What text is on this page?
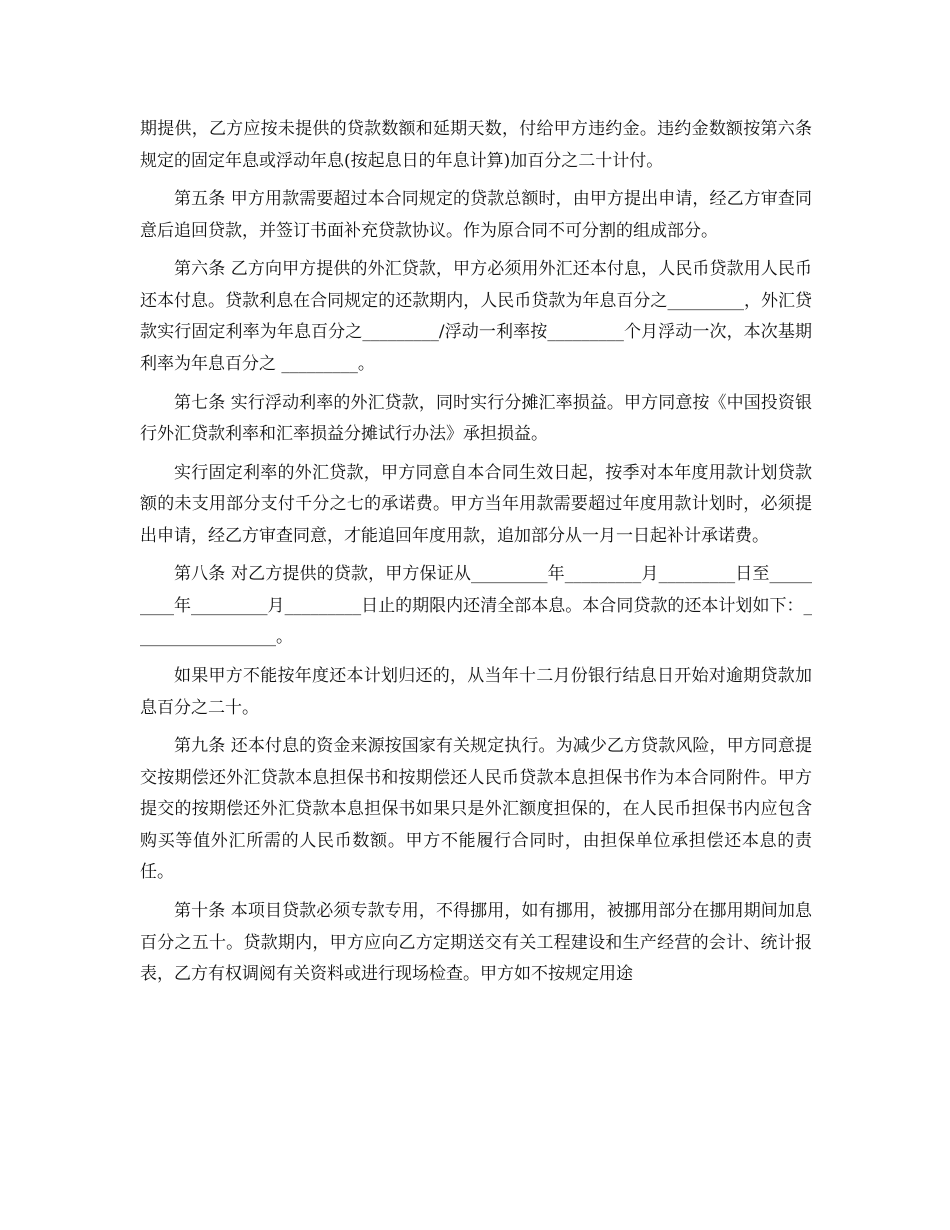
期提供，乙方应按未提供的贷款数额和延期天数，付给甲方违约金。违约金数额按第六条规定的固定年息或浮动年息(按起息日的年息计算)加百分之二十计付。

第五条 甲方用款需要超过本合同规定的贷款总额时，由甲方提出申请，经乙方审查同意后追回贷款，并签订书面补充贷款协议。作为原合同不可分割的组成部分。

第六条 乙方向甲方提供的外汇贷款，甲方必须用外汇还本付息，人民币贷款用人民币还本付息。贷款利息在合同规定的还款期内，人民币贷款为年息百分之_________，外汇贷款实行固定利率为年息百分之_________/浮动一利率按_________个月浮动一次，本次基期利率为年息百分之 _________。

第七条 实行浮动利率的外汇贷款，同时实行分摊汇率损益。甲方同意按《中国投资银行外汇贷款利率和汇率损益分摊试行办法》承担损益。

实行固定利率的外汇贷款，甲方同意自本合同生效日起，按季对本年度用款计划贷款额的未支用部分支付千分之七的承诺费。甲方当年用款需要超过年度用款计划时，必须提出申请，经乙方审查同意，才能追回年度用款，追加部分从一月一日起补计承诺费。

第八条 对乙方提供的贷款，甲方保证从_________年_________月_________日至_________年_________月_________日止的期限内还清全部本息。本合同贷款的还本计划如下：_________________。

如果甲方不能按年度还本计划归还的，从当年十二月份银行结息日开始对逾期贷款加息百分之二十。

第九条 还本付息的资金来源按国家有关规定执行。为减少乙方贷款风险，甲方同意提交按期偿还外汇贷款本息担保书和按期偿还人民币贷款本息担保书作为本合同附件。甲方提交的按期偿还外汇贷款本息担保书如果只是外汇额度担保的，在人民币担保书内应包含购买等值外汇所需的人民币数额。甲方不能履行合同时，由担保单位承担偿还本息的责任。

第十条 本项目贷款必须专款专用，不得挪用，如有挪用，被挪用部分在挪用期间加息百分之五十。贷款期内，甲方应向乙方定期送交有关工程建设和生产经营的会计、统计报表，乙方有权调阅有关资料或进行现场检查。甲方如不按规定用途
